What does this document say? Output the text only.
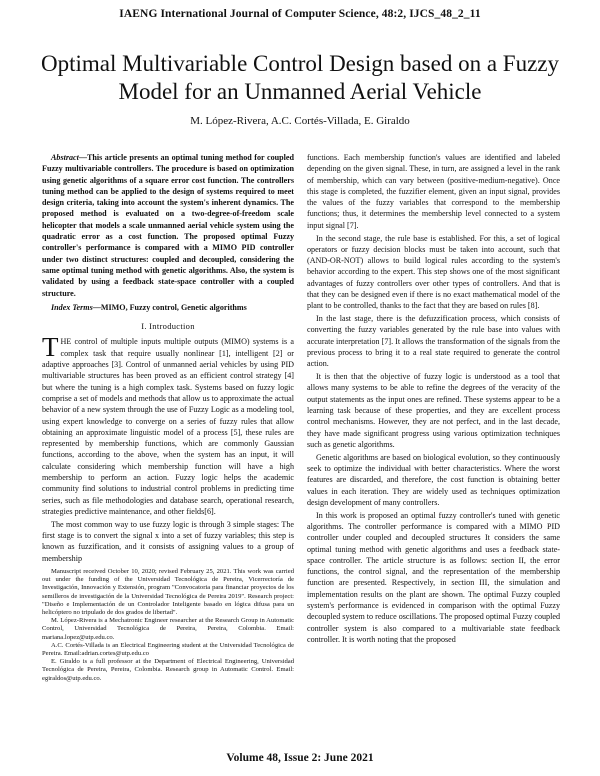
IAENG International Journal of Computer Science, 48:2, IJCS_48_2_11
Optimal Multivariable Control Design based on a Fuzzy Model for an Unmanned Aerial Vehicle
M. López-Rivera, A.C. Cortés-Villada, E. Giraldo

Abstract—This article presents an optimal tuning method for coupled Fuzzy multivariable controllers. The procedure is based on optimization using genetic algorithms of a square error cost function. The controllers tuning method can be applied to the design of systems required to meet design criteria, taking into account the system's inherent dynamics. The proposed method is evaluated on a two-degree-of-freedom scale helicopter that models a scale unmanned aerial vehicle system using the quadratic error as a cost function. The proposed optimal Fuzzy controller's performance is compared with a MIMO PID controller under two distinct structures: coupled and decoupled, considering the same optimal tuning method with genetic algorithms. Also, the system is validated by using a feedback state-space controller with a coupled structure.

Index Terms—MIMO, Fuzzy control, Genetic algorithms

I. Introduction

THE control of multiple inputs multiple outputs (MIMO) systems is a complex task that require usually nonlinear [1], intelligent [2] or adaptive approaches [3]. Control of unmanned aerial vehicles by using PID multivariable structures has been proved as an efficient control strategy [4] but where the tuning is a high complex task. Systems based on fuzzy logic comprise a set of models and methods that allow us to approximate the actual behavior of a new system through the use of Fuzzy Logic as a modeling tool, using expert knowledge to converge on a series of fuzzy rules that allow obtaining an approximate linguistic model of a process [5], these rules are represented by membership functions, which are commonly Gaussian functions, according to the above, when the system has an input, it will calculate considering which membership function will have a high membership to perform an action. Fuzzy logic helps the academic community find solutions to industrial control problems in predicting time series, such as file methodologies and database search, operational research, strategies predictive maintenance, and other fields[6].

The most common way to use fuzzy logic is through 3 simple stages: The first stage is to convert the signal x into a set of fuzzy variables; this step is known as fuzzification, and it consists of assigning values to a group of membership

Manuscript received October 10, 2020; revised February 25, 2021. This work was carried out under the funding of the Universidad Tecnológica de Pereira, Vicerrectoría de Investigación, Innovación y Extensión, program "Convocatoria para financiar proyectos de los semilleros de investigación de la Universidad Tecnológica de Pereira 2019". Research project: "Diseño e Implementación de un Controlador Inteligente basado en lógica difusa para un helicóptero no tripulado de dos grados de libertad".

M. López-Rivera is a Mechatronic Engineer researcher at the Research Group in Automatic Control, Universidad Tecnológica de Pereira, Pereira, Colombia. Email: mariana.lopez@utp.edu.co.

A.C. Cortés-Villada is an Electrical Engineering student at the Universidad Tecnológica de Pereira. Email:adrian.cortes@utp.edu.co

E. Giraldo is a full professor at the Department of Electrical Engineering, Universidad Tecnológica de Pereira, Pereira, Colombia. Research group in Automatic Control. Email: egiraldos@utp.edu.co.

functions. Each membership function's values are identified and labeled depending on the given signal. These, in turn, are assigned a level in the rank of membership, which can vary between (positive-medium-negative). Once this stage is completed, the fuzzifier element, given an input signal, provides the values of the fuzzy variables that correspond to the membership functions; thus, it determines the membership level connected to a system input signal [7].

In the second stage, the rule base is established. For this, a set of logical operators or fuzzy decision blocks must be taken into account, such that (AND-OR-NOT) allows to build logical rules according to the system's behavior according to the expert. This step shows one of the most significant advantages of fuzzy controllers over other types of controllers. And that is that they can be designed even if there is no exact mathematical model of the plant to be controlled, thanks to the fact that they are based on rules [8].

In the last stage, there is the defuzzification process, which consists of converting the fuzzy variables generated by the rule base into values with accurate interpretation [7]. It allows the transformation of the signals from the previous process to bring it to a real state required to generate the control action.

It is then that the objective of fuzzy logic is understood as a tool that allows many systems to be able to refine the degrees of the veracity of the output statements as the input ones are refined. These systems appear to be a learning task because of these properties, and they are excellent process control mechanisms. However, they are not perfect, and in the last decade, they have made significant progress using various optimization techniques such as genetic algorithms.

Genetic algorithms are based on biological evolution, so they continuously seek to optimize the individual with better characteristics. Where the worst features are discarded, and therefore, the cost function is obtaining better values in each iteration. They are widely used as techniques optimization design development of many controllers.

In this work is proposed an optimal fuzzy controller's tuned with genetic algorithms. The controller performance is compared with a MIMO PID controller under coupled and decoupled structures It considers the same optimal tuning method with genetic algorithms and uses a feedback state-space controller. The article structure is as follows: section II, the error functions, the control signal, and the representation of the membership function are presented. Respectively, in section III, the simulation and implementation results on the plant are shown. The optimal Fuzzy coupled system's performance is evidenced in comparison with the optimal Fuzzy decoupled system to reduce oscillations. The proposed optimal Fuzzy coupled controller system is also compared to a multivariable state feedback controller. It is worth noting that the proposed

Volume 48, Issue 2: June 2021
